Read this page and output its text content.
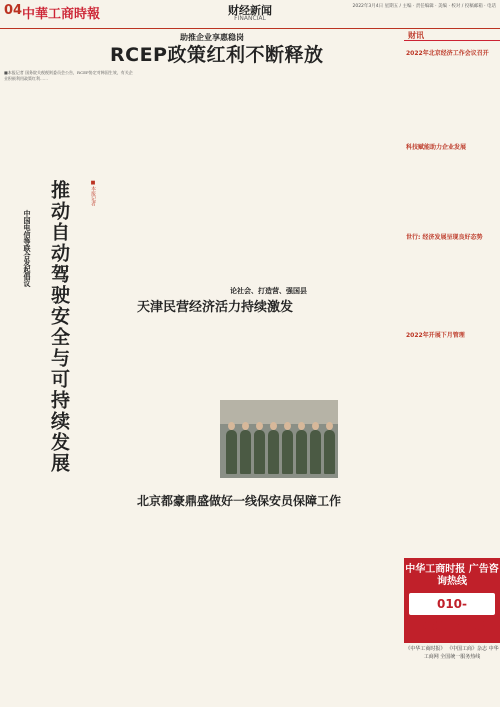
04 中華工商時報	财经新闻
FINANCIAL
2022年3月4日 星期五 / 主编 · 责任编辑 · 美编 · 校对 / 投稿邮箱 · 电话
助推企业享惠稳岗
RCEP政策红利不断释放
■本报记者 国务院关税税则委员会公告，RCEP协定对韩国生效，有关企业积极利用政策红利……
推动自动驾驶安全与可持续发展
中国电信等联合发起倡议
■本报记者
论社会、打造营、强国县
天津民营经济活力持续激发
北京都豪鼎盛做好一线保安员保障工作
财讯
2022年北京经济工作会议召开
科技赋能助力企业发展
世行: 经济发展呈现良好态势
2022年开展下月管理
中华工商时报 广告咨询热线
010-56317358
《中华工商时报》 《中国工商》杂志 中华工商网 全国统一服务热线
